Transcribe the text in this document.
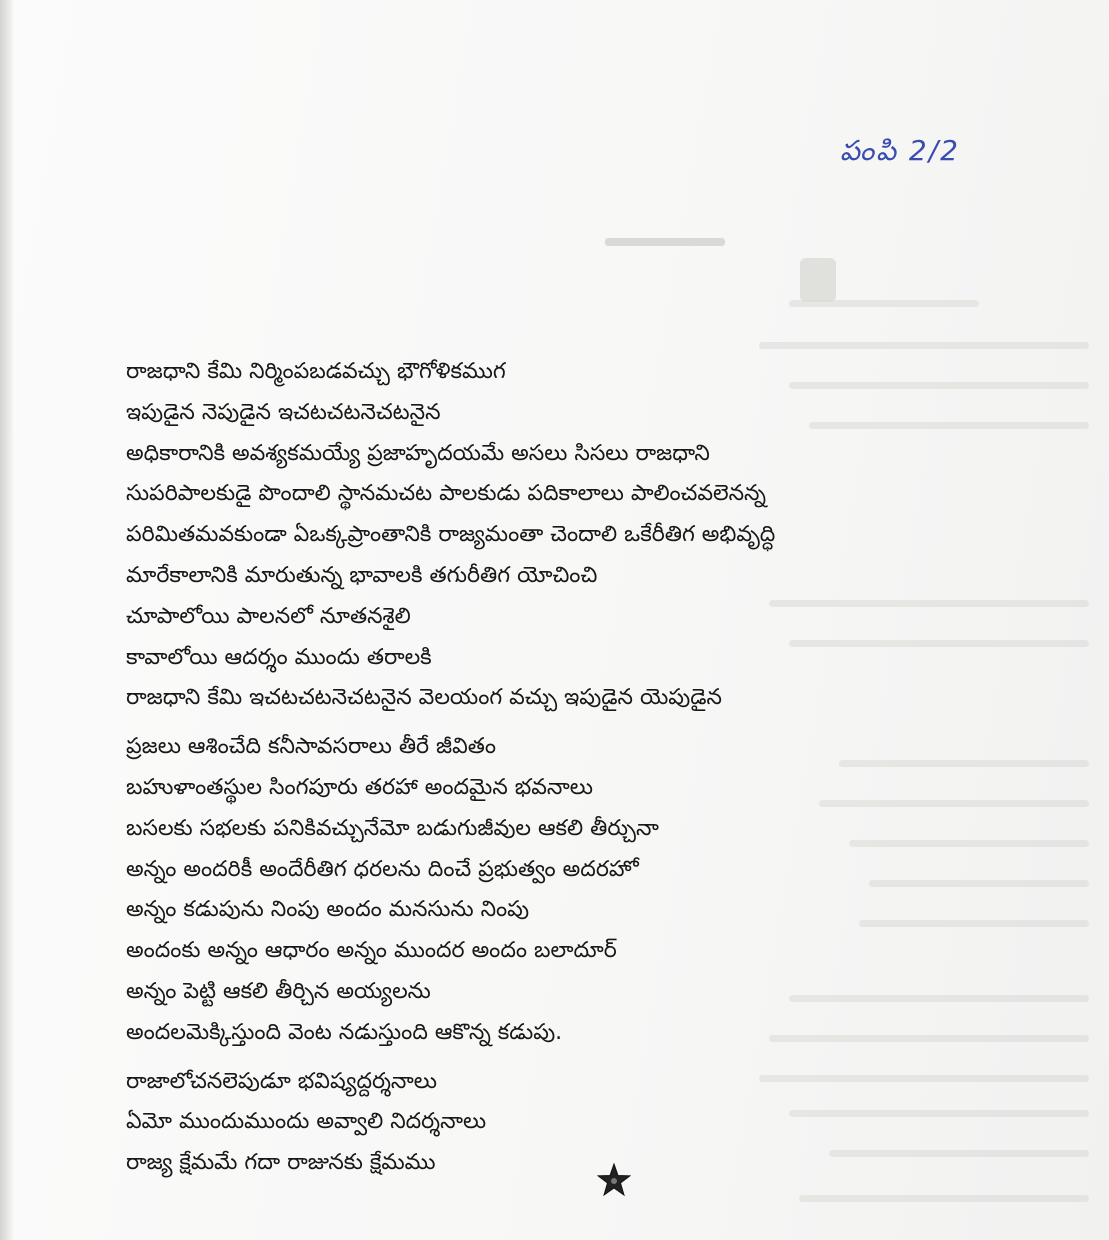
పంపి 2/2
రాజధాని కేమి నిర్మింపబడవచ్చు భౌగోళికముగ
ఇపుడైన నెపుడైన ఇచటచటనెచటనైన
అధికారానికి అవశ్యకమయ్యే ప్రజాహృదయమే అసలు సిసలు రాజధాని
సుపరిపాలకుడై పొందాలి స్థానమచట పాలకుడు పదికాలాలు పాలించవలెనన్న
పరిమితమవకుండా ఏఒక్కప్రాంతానికి రాజ్యమంతా చెందాలి ఒకేరీతిగ అభివృద్ధి
మారేకాలానికి మారుతున్న భావాలకి తగురీతిగ యోచించి
చూపాలోయి పాలనలో నూతనశైలి
కావాలోయి ఆదర్శం ముందు తరాలకి
రాజధాని కేమి ఇచటచటనెచటనైన వెలయంగ వచ్చు ఇపుడైన యెపుడైన
ప్రజలు ఆశించేది కనీసావసరాలు తీరే జీవితం
బహుళాంతస్థుల సింగపూరు తరహా అందమైన భవనాలు
బసలకు సభలకు పనికివచ్చునేమో బడుగుజీవుల ఆకలి తీర్చునా
అన్నం అందరికీ అందేరీతిగ ధరలను దించే ప్రభుత్వం అదరహో
అన్నం కడుపును నింపు అందం మనసును నింపు
అందంకు అన్నం ఆధారం అన్నం ముందర అందం బలాదూర్
అన్నం పెట్టి ఆకలి తీర్చిన అయ్యలను
అందలమెక్కిస్తుంది వెంట నడుస్తుంది ఆకొన్న కడుపు.
రాజాలోచనలెపుడూ భవిష్యద్దర్శనాలు
ఏమో ముందుముందు అవ్వాలి నిదర్శనాలు
రాజ్య క్షేమమే గదా రాజునకు క్షేమము
